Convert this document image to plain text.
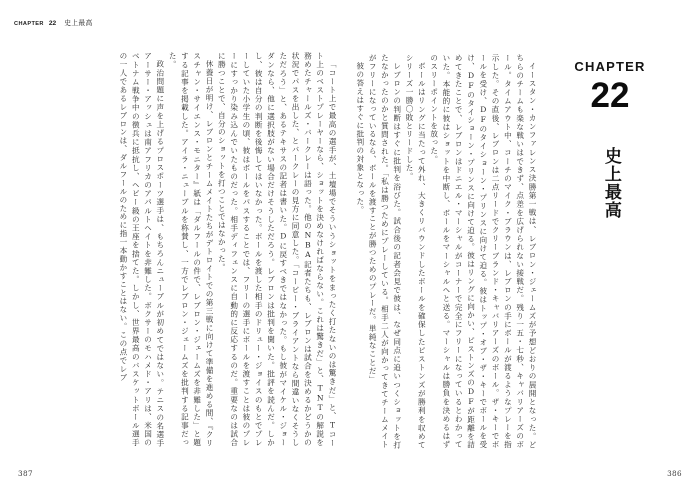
CHAPTER 22 史上最高

「コート上で最高の選手が、土壇場でそういうショットをまったく打たないのは驚きだ」と、Tコート上のベストプレーヤーなら、ショットを決めなければならない。これは驚きだ」と、TNTの解説を務めたチャールズ・バークレーは語った。他のNBA記者たちも、レブロンは試合を決めるかどうかの状況でパスを出した、とバークレーの見方に同意した。「コービー・ブライアントなら間違いなくそうしただろう」と、あるテキサスの記者は書いた。Dに戻すべきではなかった。もし彼がマイケル・ジョーダンなら、他に選択肢がない場合だけそうしただろう。レブロンは批判を聞いた。批評を読んだ。しかし、彼は自分の判断を後悔してはいなかった。ボールを渡した相手のドリュー・ジョイスのもとでプレーしていた小学生の頃、彼はボールをパスすることでは、フリーの選手にボールを渡すことは彼のプレーにすっかり染み込んでいたものだった。相手ディフェンスに自動的に反応するのだ。重要なのは試合に勝つことで、自分のショットを打つことではなかった。

休養日が明け、レブロンとチームメイトたちがデトロイトでの第三戦に向けて準備を進める間、『クリスチャン・サイエンス・モニター』紙は「ダルフールの件で、レブロン・ジェームズを非難した」と題する記事を掲載した。アイラ・ニューブルを称賛し、一方でレブロン・ジェームズを批判する記事だった。

政治問題に声を上げるプロスポーツ選手は、もちろんニューブルが初めてではない。テニスの名選手アーサー・アッシュは南アフリカのアパルトヘイトを非難した。ボクサーのモハメド・アリは、米国のベトナム戦争中の徴兵に抵抗し、ヘビー級の王座を捨てた。しかし、世界最高のバスケットボール選手の一人であるレブロンは、ダルフールのために指一本動かすことはない。この点でレブ

387
CHAPTER
22
史上最高

イースタン・カンファレンス決勝第一戦は、レブロン・ジェームズが予想どおりの展開となった。どちらのチームも楽な戦いはできず、点差を広げられない接戦だ。残り一五・七秒、キャバリアーズのボール。タイムアウト中、コーチのマイク・ブラウンは、レブロンの手にボールが渡るようなプレーを指示した。その直後、レブロンは二点リードでクリーブランド・キャバリアーズのボール。ザ・キーでボールを受け、DFのタイショーン・プリンスに向けて迫る。彼はトップ・オブ・ザ・キーでボールを受け、DFのタイショーン・プリンスに向けて迫る。彼はリングに向かい、ピストンズのDFが距離を詰めてきたことで、レブロンはドニエル・マーシャルがコーナーで完全にフリーになっているとわかっていた。本能的に彼はショットを中断し、ボールをマーシャルへと送る。マーシャルは勝負を決めるはずのスリーポイントを放った。

ボールはリングに当たって外れ、大きくリバウンドしたボールを確保したピストンズが勝利を収めてシリーズ一勝〇敗とリードした。

レブロンの判断はすぐに批判を浴びた。試合後の記者会見で彼は、なぜ同点に追いつくショットを打たなかったのかと質問された。「私は勝つためにプレーしている。相手二人が向かってきてチームメイトがフリーになっているなら、ボールを渡すことが勝つためのプレーだ。単純なことだ」

彼の答えはすぐに批判の対象となった。

386
